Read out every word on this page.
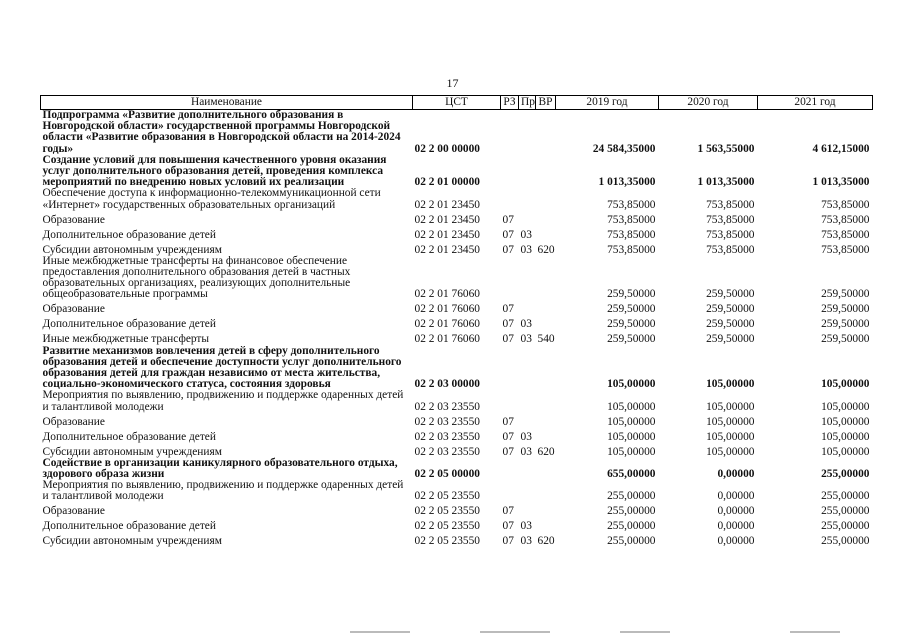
17
Наименование	ЦСТ	РЗ	Пр	ВР	2019 год	2020 год	2021 год
Подпрограмма «Развитие дополнительного образования в Новгородской области» государственной программы Новгородской области «Развитие образования в Новгородской области на 2014-2024 годы»	02 2 00 00000				24 584,35000	1 563,55000	4 612,15000
Создание условий для повышения качественного уровня оказания услуг дополнительного образования детей, проведения комплекса мероприятий по внедрению новых условий их реализации	02 2 01 00000				1 013,35000	1 013,35000	1 013,35000
Обеспечение доступа к информационно-телекоммуникационной сети «Интернет» государственных образовательных организаций	02 2 01 23450				753,85000	753,85000	753,85000
Образование	02 2 01 23450	07			753,85000	753,85000	753,85000
Дополнительное образование детей	02 2 01 23450	07	03		753,85000	753,85000	753,85000
Субсидии автономным учреждениям	02 2 01 23450	07	03	620	753,85000	753,85000	753,85000
Иные межбюджетные трансферты на финансовое обеспечение предоставления дополнительного образования детей в частных образовательных организациях, реализующих дополнительные общеобразовательные программы	02 2 01 76060				259,50000	259,50000	259,50000
Образование	02 2 01 76060	07			259,50000	259,50000	259,50000
Дополнительное образование детей	02 2 01 76060	07	03		259,50000	259,50000	259,50000
Иные межбюджетные трансферты	02 2 01 76060	07	03	540	259,50000	259,50000	259,50000
Развитие механизмов вовлечения детей в сферу дополнительного образования детей и обеспечение доступности услуг дополнительного образования детей для граждан независимо от места жительства, социально-экономического статуса, состояния здоровья	02 2 03 00000				105,00000	105,00000	105,00000
Мероприятия по выявлению, продвижению и поддержке одаренных детей и талантливой молодежи	02 2 03 23550				105,00000	105,00000	105,00000
Образование	02 2 03 23550	07			105,00000	105,00000	105,00000
Дополнительное образование детей	02 2 03 23550	07	03		105,00000	105,00000	105,00000
Субсидии автономным учреждениям	02 2 03 23550	07	03	620	105,00000	105,00000	105,00000
Содействие в организации каникулярного образовательного отдыха, здорового образа жизни	02 2 05 00000				655,00000	0,00000	255,00000
Мероприятия по выявлению, продвижению и поддержке одаренных детей и талантливой молодежи	02 2 05 23550				255,00000	0,00000	255,00000
Образование	02 2 05 23550	07			255,00000	0,00000	255,00000
Дополнительное образование детей	02 2 05 23550	07	03		255,00000	0,00000	255,00000
Субсидии автономным учреждениям	02 2 05 23550	07	03	620	255,00000	0,00000	255,00000
